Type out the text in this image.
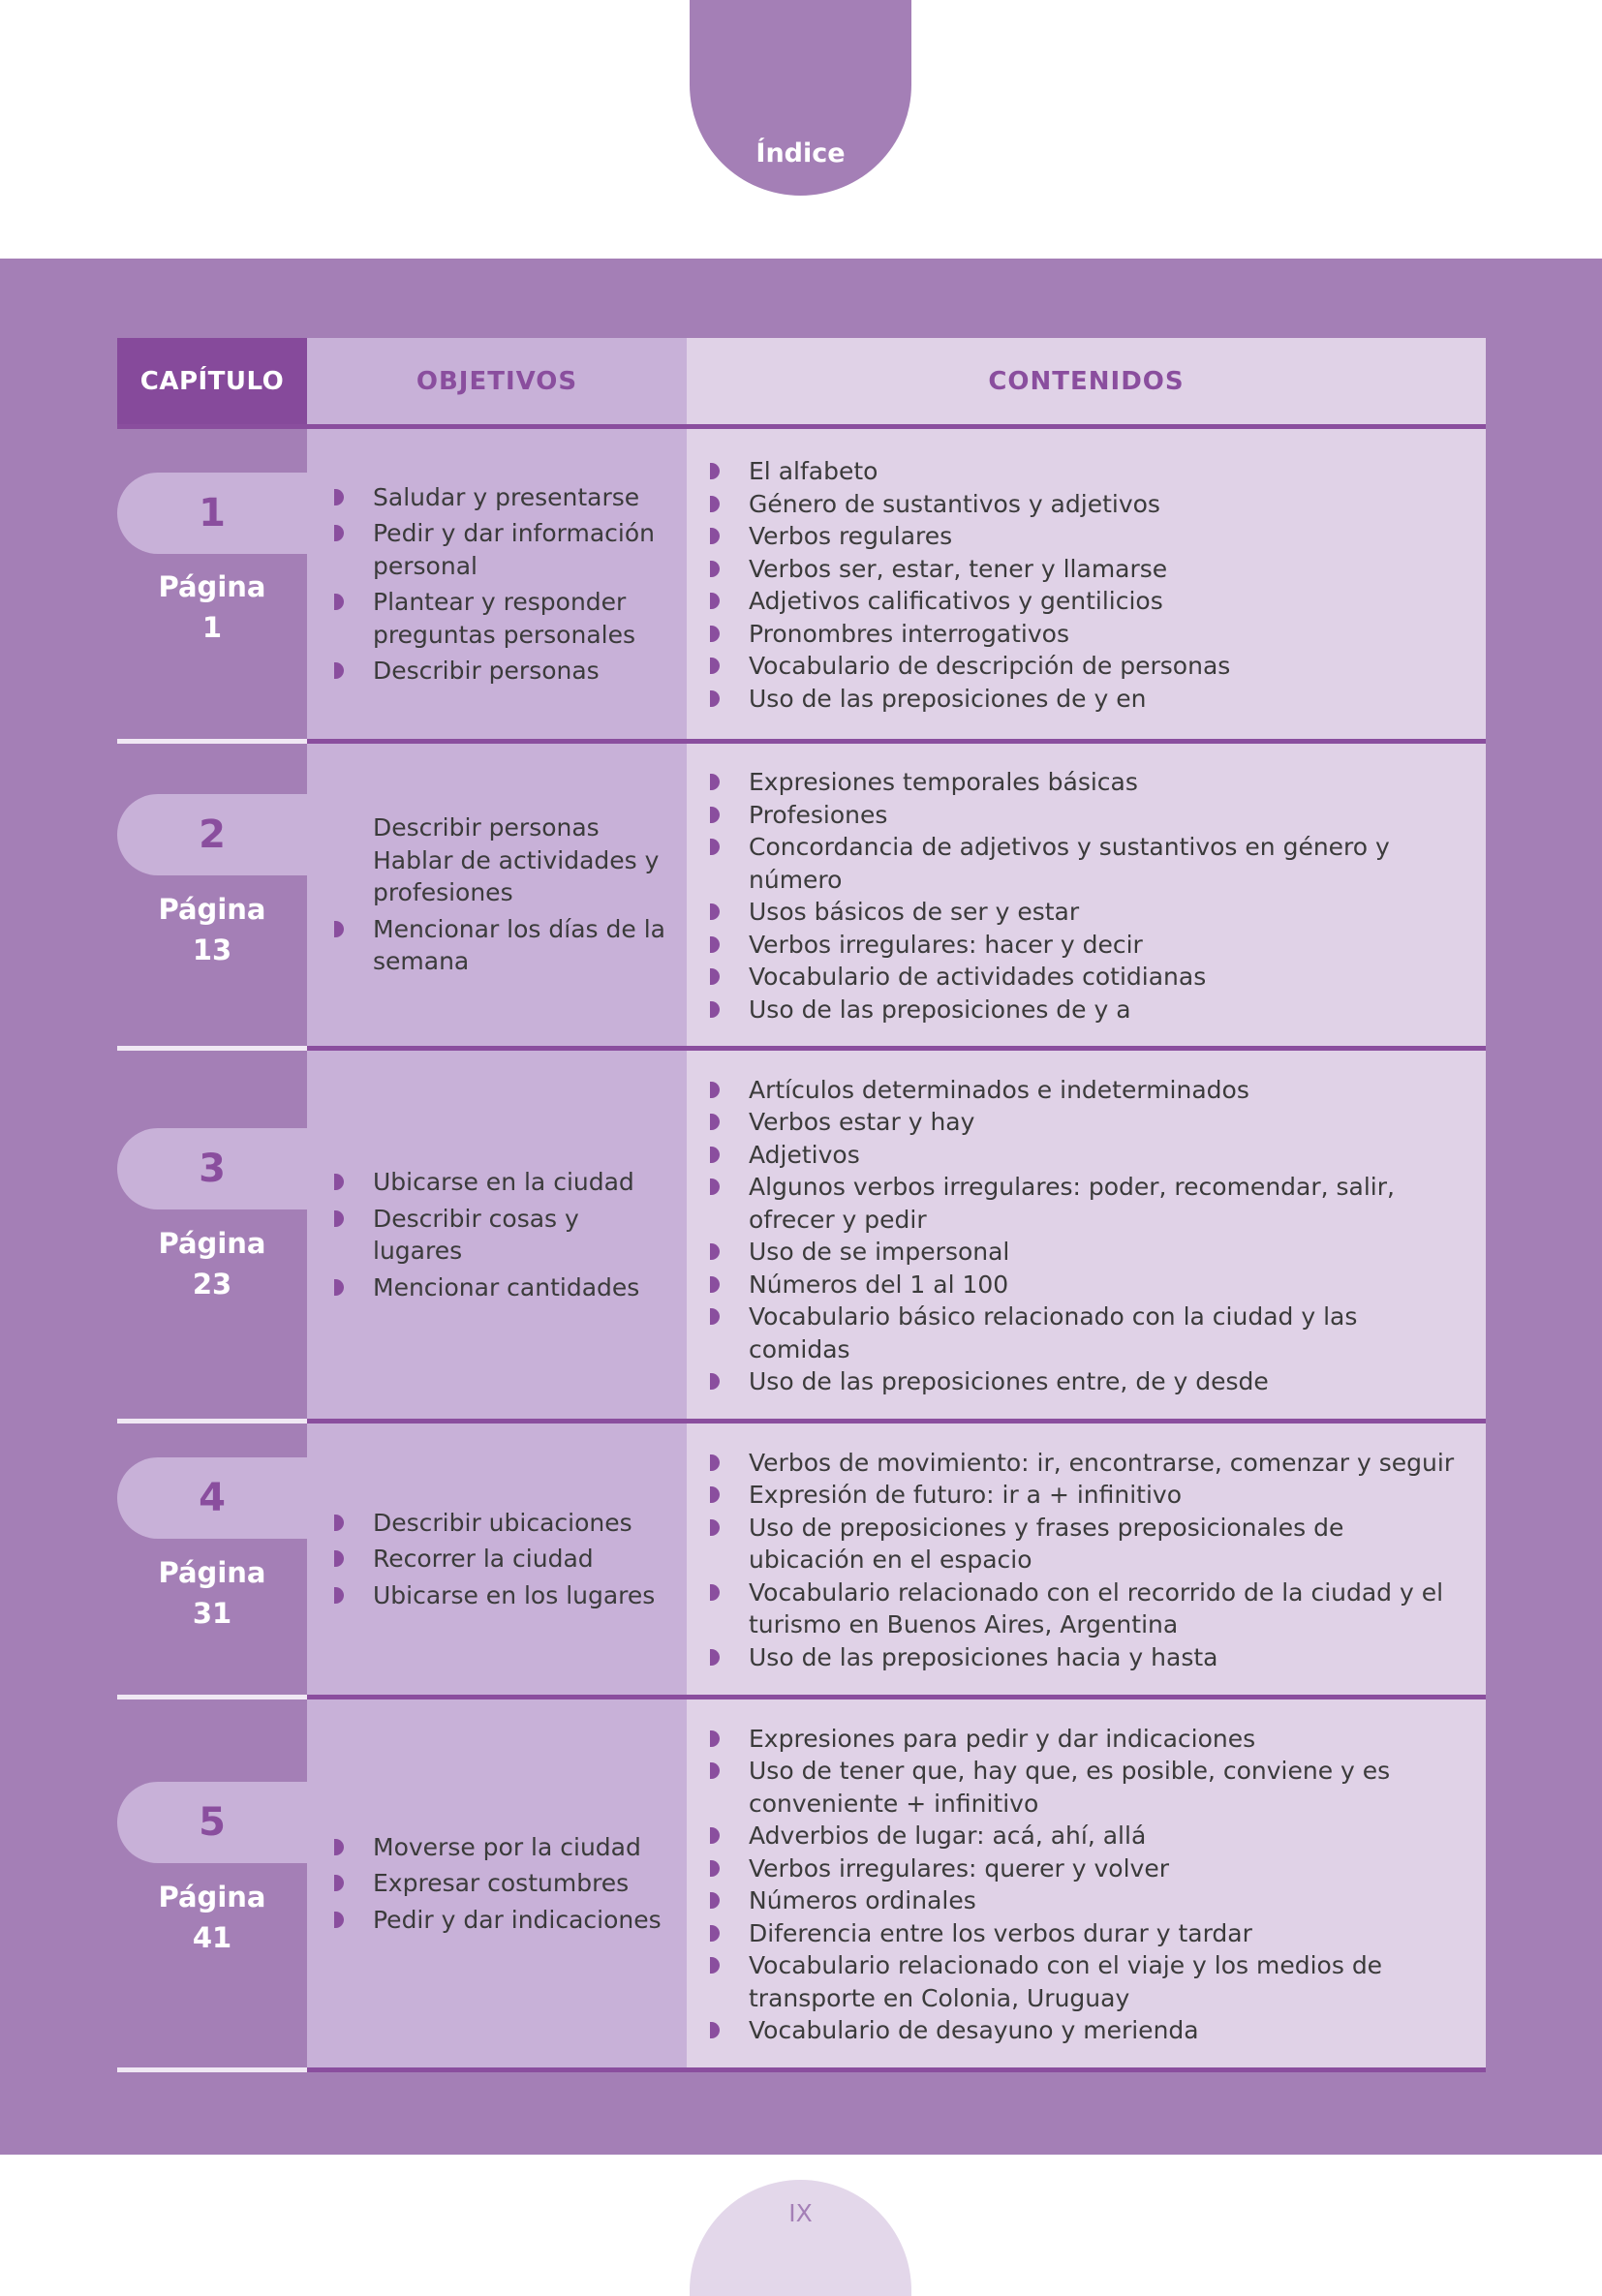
Índice
CAPÍTULO	OBJETIVOS	CONTENIDOS
1
Página
1
Saludar y presentarse
Pedir y dar información personal
Plantear y responder preguntas personales
Describir personas
El alfabeto
Género de sustantivos y adjetivos
Verbos regulares
Verbos ser, estar, tener y llamarse
Adjetivos calificativos y gentilicios
Pronombres interrogativos
Vocabulario de descripción de personas
Uso de las preposiciones de y en
2
Página
13
Describir personas
Hablar de actividades y profesiones
Mencionar los días de la semana
Expresiones temporales básicas
Profesiones
Concordancia de adjetivos y sustantivos en género y número
Usos básicos de ser y estar
Verbos irregulares: hacer y decir
Vocabulario de actividades cotidianas
Uso de las preposiciones de y a
3
Página
23
Ubicarse en la ciudad
Describir cosas y lugares
Mencionar cantidades
Artículos determinados e indeterminados
Verbos estar y hay
Adjetivos
Algunos verbos irregulares: poder, recomendar, salir, ofrecer y pedir
Uso de se impersonal
Números del 1 al 100
Vocabulario básico relacionado con la ciudad y las comidas
Uso de las preposiciones entre, de y desde
4
Página
31
Describir ubicaciones
Recorrer la ciudad
Ubicarse en los lugares
Verbos de movimiento: ir, encontrarse, comenzar y seguir
Expresión de futuro: ir a + infinitivo
Uso de preposiciones y frases preposicionales de ubicación en el espacio
Vocabulario relacionado con el recorrido de la ciudad y el turismo en Buenos Aires, Argentina
Uso de las preposiciones hacia y hasta
5
Página
41
Moverse por la ciudad
Expresar costumbres
Pedir y dar indicaciones
Expresiones para pedir y dar indicaciones
Uso de tener que, hay que, es posible, conviene y es conveniente + infinitivo
Adverbios de lugar: acá, ahí, allá
Verbos irregulares: querer y volver
Números ordinales
Diferencia entre los verbos durar y tardar
Vocabulario relacionado con el viaje y los medios de transporte en Colonia, Uruguay
Vocabulario de desayuno y merienda
IX
